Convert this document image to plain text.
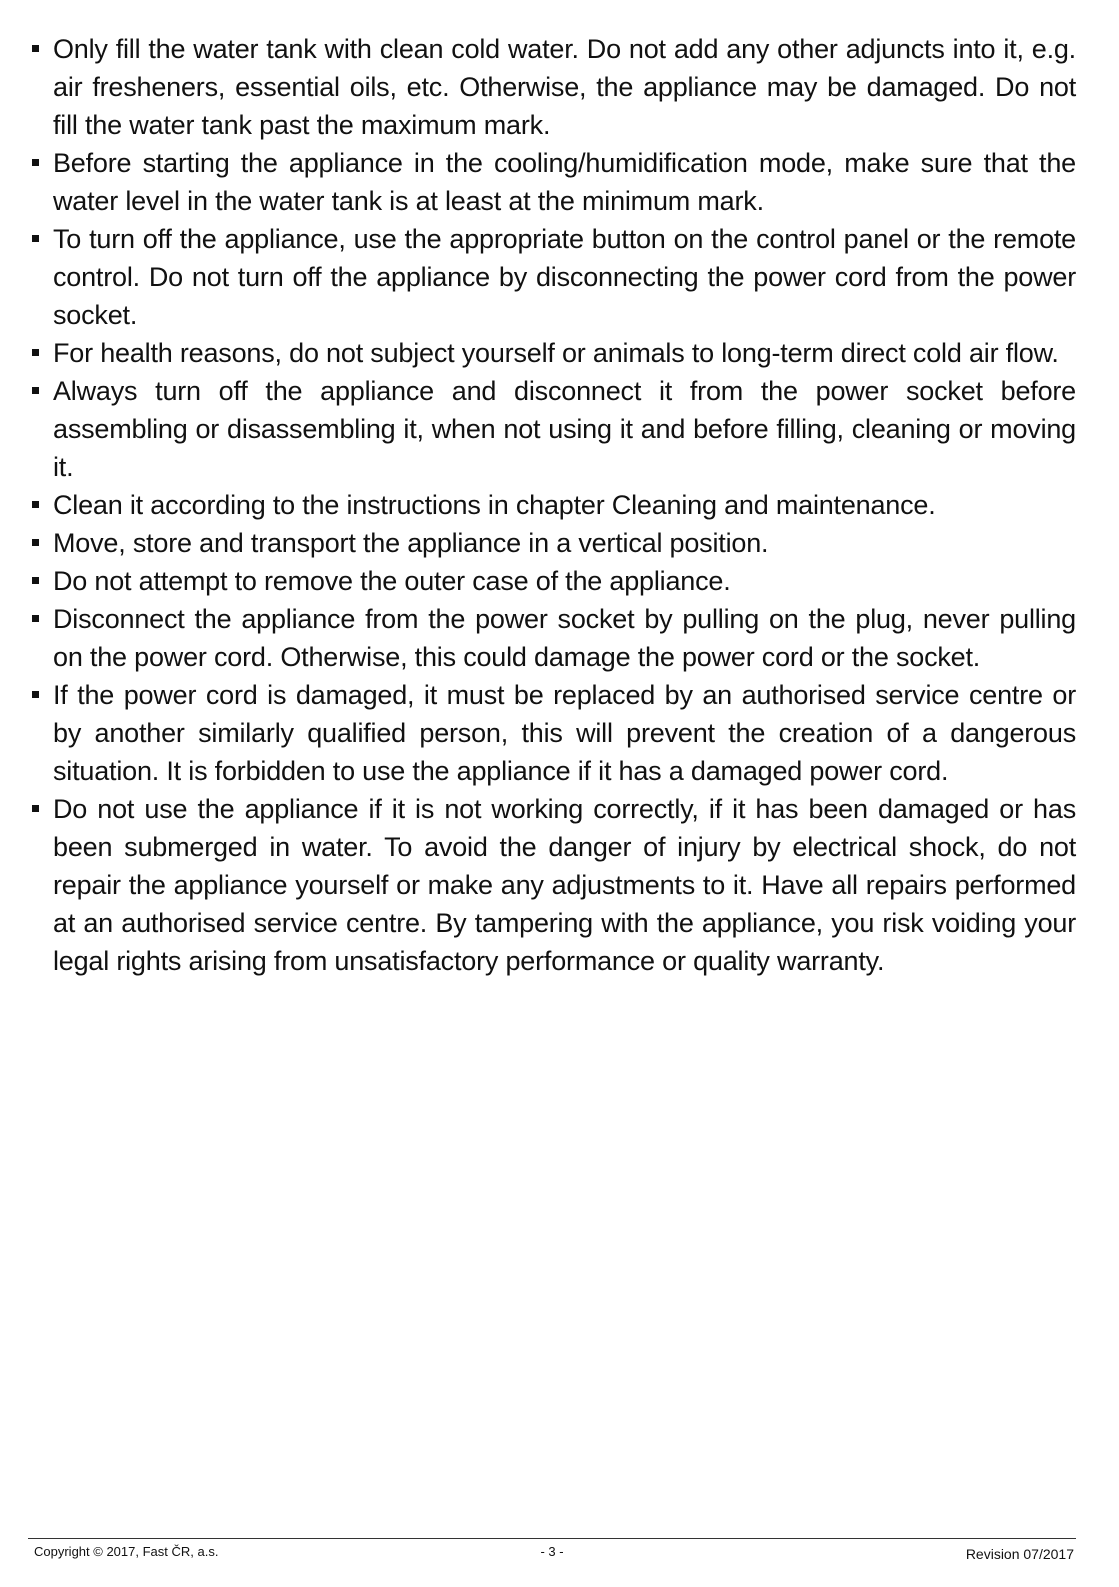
Only fill the water tank with clean cold water. Do not add any other adjuncts into it, e.g. air fresheners, essential oils, etc. Otherwise, the appliance may be damaged. Do not fill the water tank past the maximum mark.
Before starting the appliance in the cooling/humidification mode, make sure that the water level in the water tank is at least at the minimum mark.
To turn off the appliance, use the appropriate button on the control panel or the remote control. Do not turn off the appliance by disconnecting the power cord from the power socket.
For health reasons, do not subject yourself or animals to long-term direct cold air flow.
Always turn off the appliance and disconnect it from the power socket before assembling or disassembling it, when not using it and before filling, cleaning or moving it.
Clean it according to the instructions in chapter Cleaning and maintenance.
Move, store and transport the appliance in a vertical position.
Do not attempt to remove the outer case of the appliance.
Disconnect the appliance from the power socket by pulling on the plug, never pulling on the power cord. Otherwise, this could damage the power cord or the socket.
If the power cord is damaged, it must be replaced by an authorised service centre or by another similarly qualified person, this will prevent the creation of a dangerous situation. It is forbidden to use the appliance if it has a damaged power cord.
Do not use the appliance if it is not working correctly, if it has been damaged or has been submerged in water. To avoid the danger of injury by electrical shock, do not repair the appliance yourself or make any adjustments to it. Have all repairs performed at an authorised service centre. By tampering with the appliance, you risk voiding your legal rights arising from unsatisfactory performance or quality warranty.
Copyright © 2017, Fast ČR, a.s.	- 3 -	Revision 07/2017
